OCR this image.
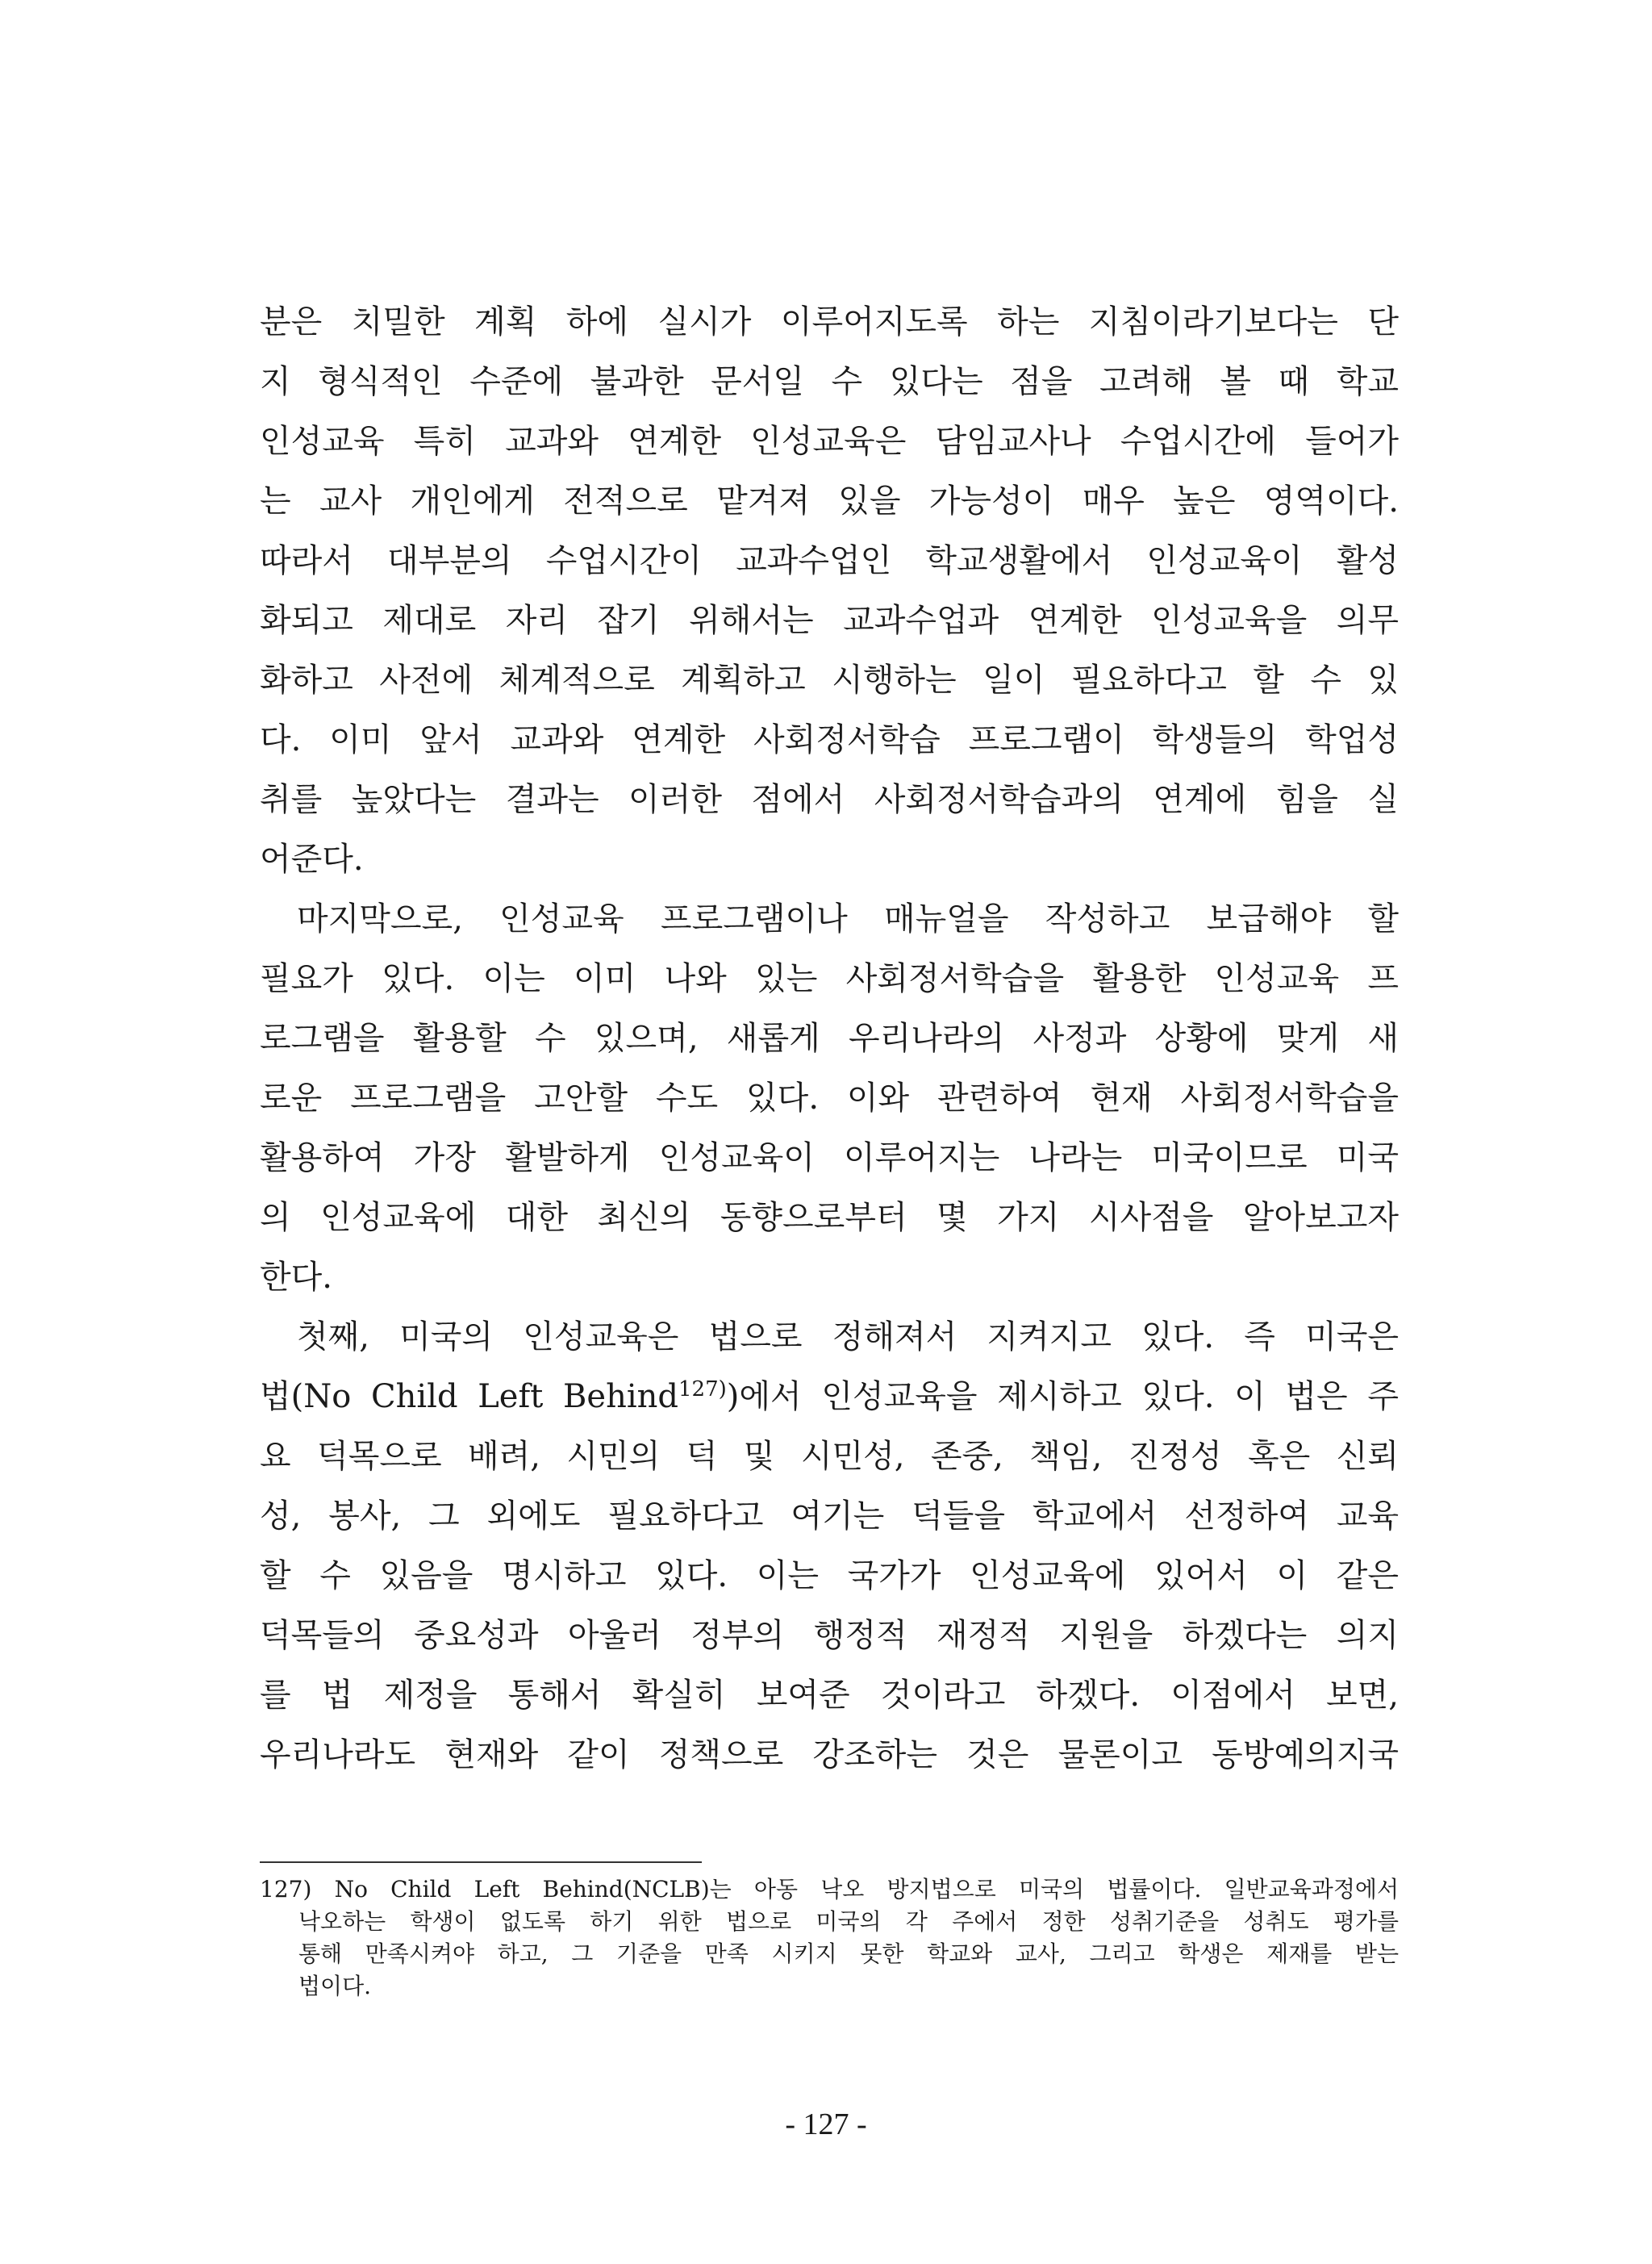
분은 치밀한 계획 하에 실시가 이루어지도록 하는 지침이라기보다는 단
지 형식적인 수준에 불과한 문서일 수 있다는 점을 고려해 볼 때 학교
인성교육 특히 교과와 연계한 인성교육은 담임교사나 수업시간에 들어가
는 교사 개인에게 전적으로 맡겨져 있을 가능성이 매우 높은 영역이다.
따라서 대부분의 수업시간이 교과수업인 학교생활에서 인성교육이 활성
화되고 제대로 자리 잡기 위해서는 교과수업과 연계한 인성교육을 의무
화하고 사전에 체계적으로 계획하고 시행하는 일이 필요하다고 할 수 있
다. 이미 앞서 교과와 연계한 사회정서학습 프로그램이 학생들의 학업성
취를 높았다는 결과는 이러한 점에서 사회정서학습과의 연계에 힘을 실
어준다.
마지막으로, 인성교육 프로그램이나 매뉴얼을 작성하고 보급해야 할
필요가 있다. 이는 이미 나와 있는 사회정서학습을 활용한 인성교육 프
로그램을 활용할 수 있으며, 새롭게 우리나라의 사정과 상황에 맞게 새
로운 프로그램을 고안할 수도 있다. 이와 관련하여 현재 사회정서학습을
활용하여 가장 활발하게 인성교육이 이루어지는 나라는 미국이므로 미국
의 인성교육에 대한 최신의 동향으로부터 몇 가지 시사점을 알아보고자
한다.
첫째, 미국의 인성교육은 법으로 정해져서 지켜지고 있다. 즉 미국은
법(No Child Left Behind$^{127)}$)에서 인성교육을 제시하고 있다. 이 법은 주
요 덕목으로 배려, 시민의 덕 및 시민성, 존중, 책임, 진정성 혹은 신뢰
성, 봉사, 그 외에도 필요하다고 여기는 덕들을 학교에서 선정하여 교육
할 수 있음을 명시하고 있다. 이는 국가가 인성교육에 있어서 이 같은
덕목들의 중요성과 아울러 정부의 행정적 재정적 지원을 하겠다는 의지
를 법 제정을 통해서 확실히 보여준 것이라고 하겠다. 이점에서 보면,
우리나라도 현재와 같이 정책으로 강조하는 것은 물론이고 동방예의지국
127) No Child Left Behind(NCLB)는 아동 낙오 방지법으로 미국의 법률이다. 일반교육과정에서
낙오하는 학생이 없도록 하기 위한 법으로 미국의 각 주에서 정한 성취기준을 성취도 평가를
통해 만족시켜야 하고, 그 기준을 만족 시키지 못한 학교와 교사, 그리고 학생은 제재를 받는
법이다.
- 127 -
